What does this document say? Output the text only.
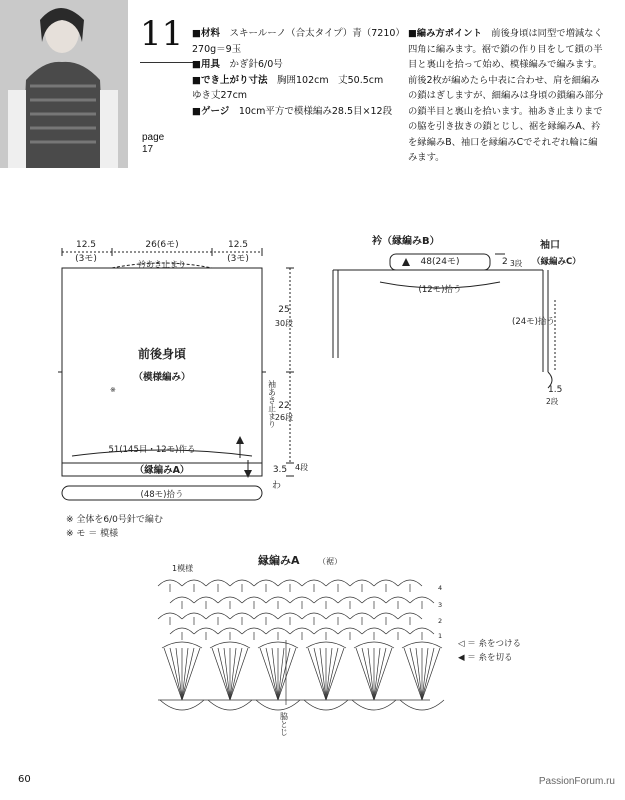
11
page
17
■材料　 スキールーノ（合太タイプ）青（7210）270g＝9玉
■用具　 かぎ針6/0号
■でき上がり寸法　 胸囲102cm　丈50.5cm　ゆき丈27cm
■ゲージ　 10cm平方で模様編み28.5目×12段
■編み方ポイント　 前後身頃は同型で増減なく四角に編みます。裾で鎖の作り目をして鎖の半目と裏山を拾って始め、模様編みで編みます。前後2枚が編めたら中表に合わせ、肩を細編みの鎖はぎしますが、細編みは身頃の鎖編み部分の鎖半目と裏山を拾います。袖あき止まりまでの脇を引き抜きの鎖とじし、裾を縁編みA、衿を縁編みB、袖口を縁編みCでそれぞれ輪に編みます。
※
12.5
(3モ)
26(6モ)	12.5
(3モ)
衿あき止まり
前後身頃
（模様編み）
25
30段
22
26段
51(145目・12モ)作る
（縁編みA）	3.5 4段
わ
(48モ)拾う
袖あき止まり
衿（縁編みB）
48(24モ)	2 3段
(12モ)拾う
袖口
（縁編みC）
(24モ)拾う
1.5
2段
縁編みA （裾）
1模様
4
3
2
1
◁ ＝ 糸をつける
◀ ＝ 糸を切る
脇とじ
※ 全体を6/0号針で編む
※ モ ＝ 模様
60	PassionForum.ru
